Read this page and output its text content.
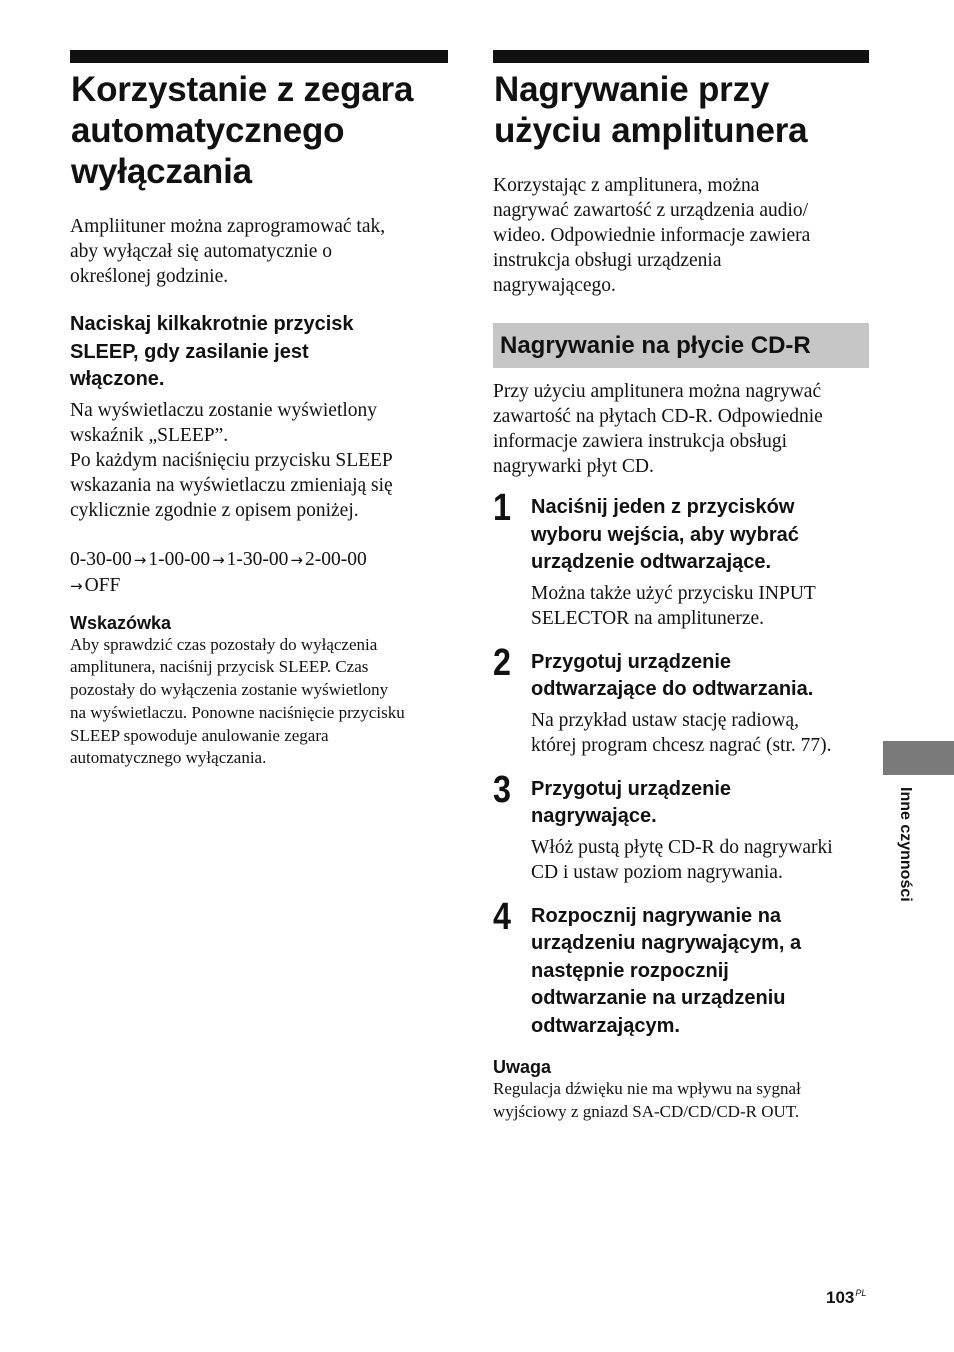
Korzystanie z zegara
automatycznego
wyłączania
Ampliituner można zaprogramować tak,
aby wyłączał się automatycznie o
określonej godzinie.
Naciskaj kilkakrotnie przycisk
SLEEP, gdy zasilanie jest
włączone.
Na wyświetlaczu zostanie wyświetlony
wskaźnik „SLEEP”.
Po każdym naciśnięciu przycisku SLEEP
wskazania na wyświetlaczu zmieniają się
cyklicznie zgodnie z opisem poniżej.
0-30-00 → 1-00-00 → 1-30-00 → 2-00-00
→ OFF
Wskazówka
Aby sprawdzić czas pozostały do wyłączenia
amplitunera, naciśnij przycisk SLEEP. Czas
pozostały do wyłączenia zostanie wyświetlony
na wyświetlaczu. Ponowne naciśnięcie przycisku
SLEEP spowoduje anulowanie zegara
automatycznego wyłączania.
Nagrywanie przy
użyciu amplitunera
Korzystając z amplitunera, można
nagrywać zawartość z urządzenia audio/
wideo. Odpowiednie informacje zawiera
instrukcja obsługi urządzenia
nagrywającego.
Nagrywanie na płycie CD-R
Przy użyciu amplitunera można nagrywać
zawartość na płytach CD-R. Odpowiednie
informacje zawiera instrukcja obsługi
nagrywarki płyt CD.
1 Naciśnij jeden z przycisków
wyboru wejścia, aby wybrać
urządzenie odtwarzające.
Można także użyć przycisku INPUT
SELECTOR na amplitunerze.
2 Przygotuj urządzenie
odtwarzające do odtwarzania.
Na przykład ustaw stację radiową,
której program chcesz nagrać (str. 77).
3 Przygotuj urządzenie
nagrywające.
Włóż pustą płytę CD-R do nagrywarki
CD i ustaw poziom nagrywania.
4 Rozpocznij nagrywanie na
urządzeniu nagrywającym, a
następnie rozpocznij
odtwarzanie na urządzeniu
odtwarzającym.
Uwaga
Regulacja dźwięku nie ma wpływu na sygnał
wyjściowy z gniazd SA-CD/CD/CD-R OUT.
Inne czynności
$103^{PL}$
